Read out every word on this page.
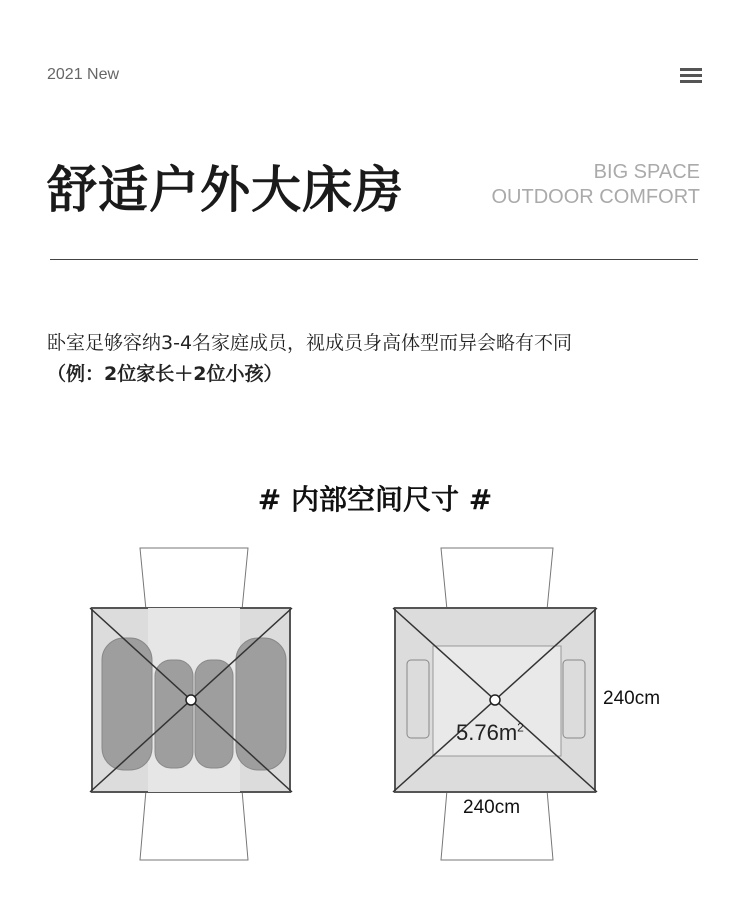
2021 New
舒适户外大床房	BIG SPACE
OUTDOOR COMFORT
卧室足够容纳3-4名家庭成员，视成员身高体型而异会略有不同
（例：2位家长＋2位小孩）
# 内部空间尺寸 #
240cm
240cm
$5.76m^2$
